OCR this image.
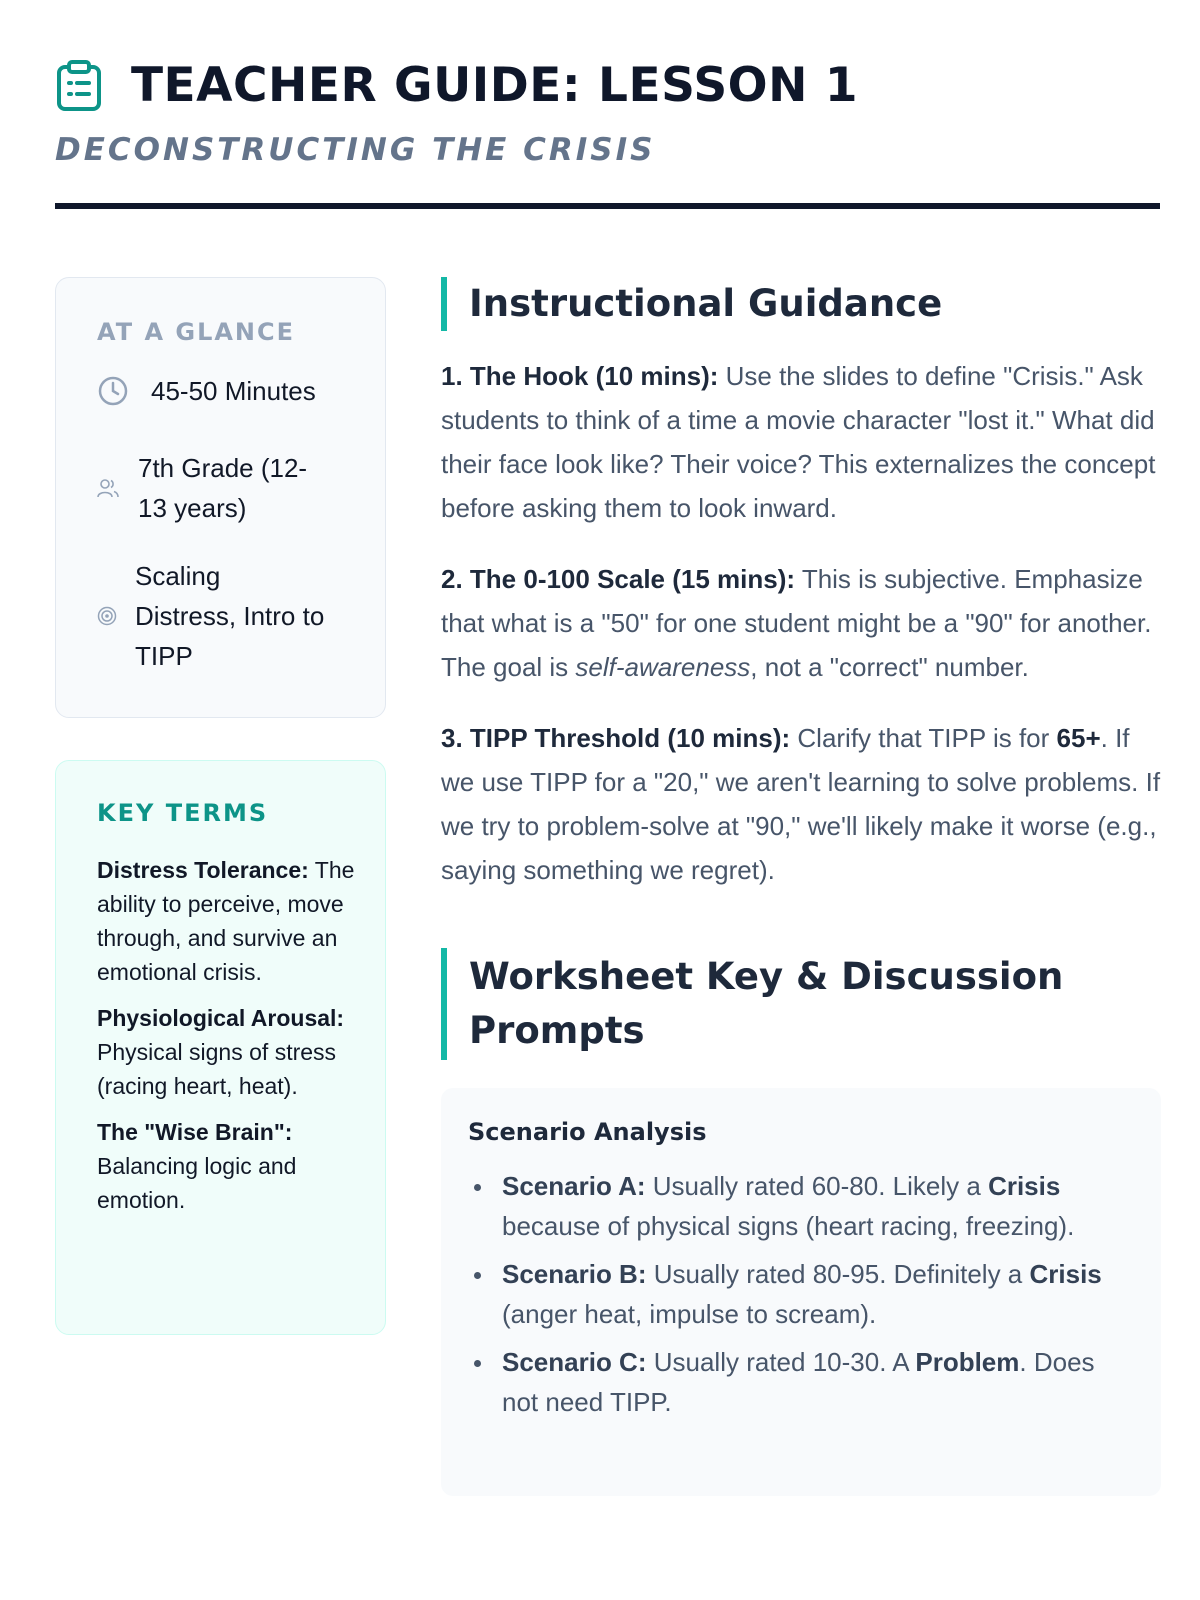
TEACHER GUIDE: LESSON 1
DECONSTRUCTING THE CRISIS
AT A GLANCE
45-50 Minutes
7th Grade (12-13 years)
Scaling Distress, Intro to TIPP
KEY TERMS

Distress Tolerance: The ability to perceive, move through, and survive an emotional crisis.

Physiological Arousal: Physical signs of stress (racing heart, heat).

The "Wise Brain": Balancing logic and emotion.

Instructional Guidance

1. The Hook (10 mins): Use the slides to define "Crisis." Ask students to think of a time a movie character "lost it." What did their face look like? Their voice? This externalizes the concept before asking them to look inward.

2. The 0-100 Scale (15 mins): This is subjective. Emphasize that what is a "50" for one student might be a "90" for another. The goal is self-awareness, not a "correct" number.

3. TIPP Threshold (10 mins): Clarify that TIPP is for 65+. If we use TIPP for a "20," we aren't learning to solve problems. If we try to problem-solve at "90," we'll likely make it worse (e.g., saying something we regret).

Worksheet Key & Discussion Prompts
Scenario Analysis
Scenario A: Usually rated 60-80. Likely a Crisis because of physical signs (heart racing, freezing).
Scenario B: Usually rated 80-95. Definitely a Crisis (anger heat, impulse to scream).
Scenario C: Usually rated 10-30. A Problem. Does not need TIPP.
